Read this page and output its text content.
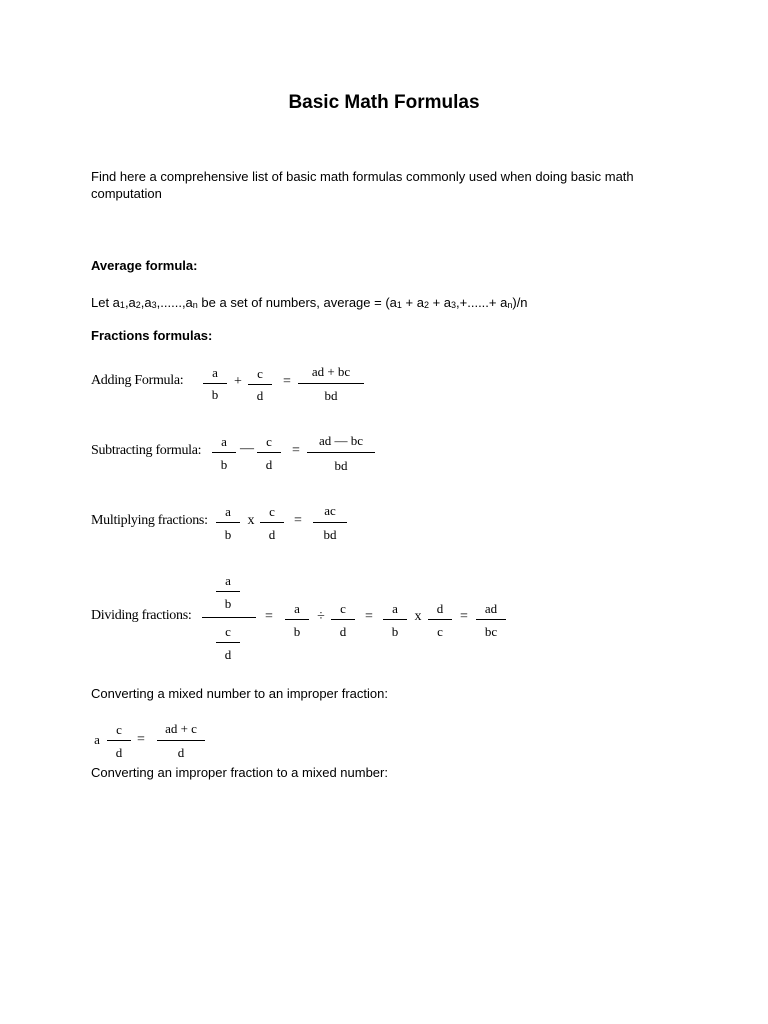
Basic Math Formulas
Find here a comprehensive list of basic math formulas commonly used when doing basic math computation
Average formula:
Let $a_1,a_2,a_3,......,a_n$ be a set of numbers, average = $(a_1 + a_2 + a_3,+......+ a_n)/n$
Fractions formulas:
Adding Formula:
a
b
+
c
d
=
ad + bc
bd
Subtracting formula:
a
b
— c
d
=
ad — bc
bd
Multiplying fractions:
a
b
x
c
d
=
ac
bd
Dividing fractions:
a
b
c
d
=
a
b
÷
c
d
=
a
b
x
d
c
=
ad
bc
Converting a mixed number to an improper fraction:
a
c
d
=
ad + c
d
Converting an improper fraction to a mixed number:
